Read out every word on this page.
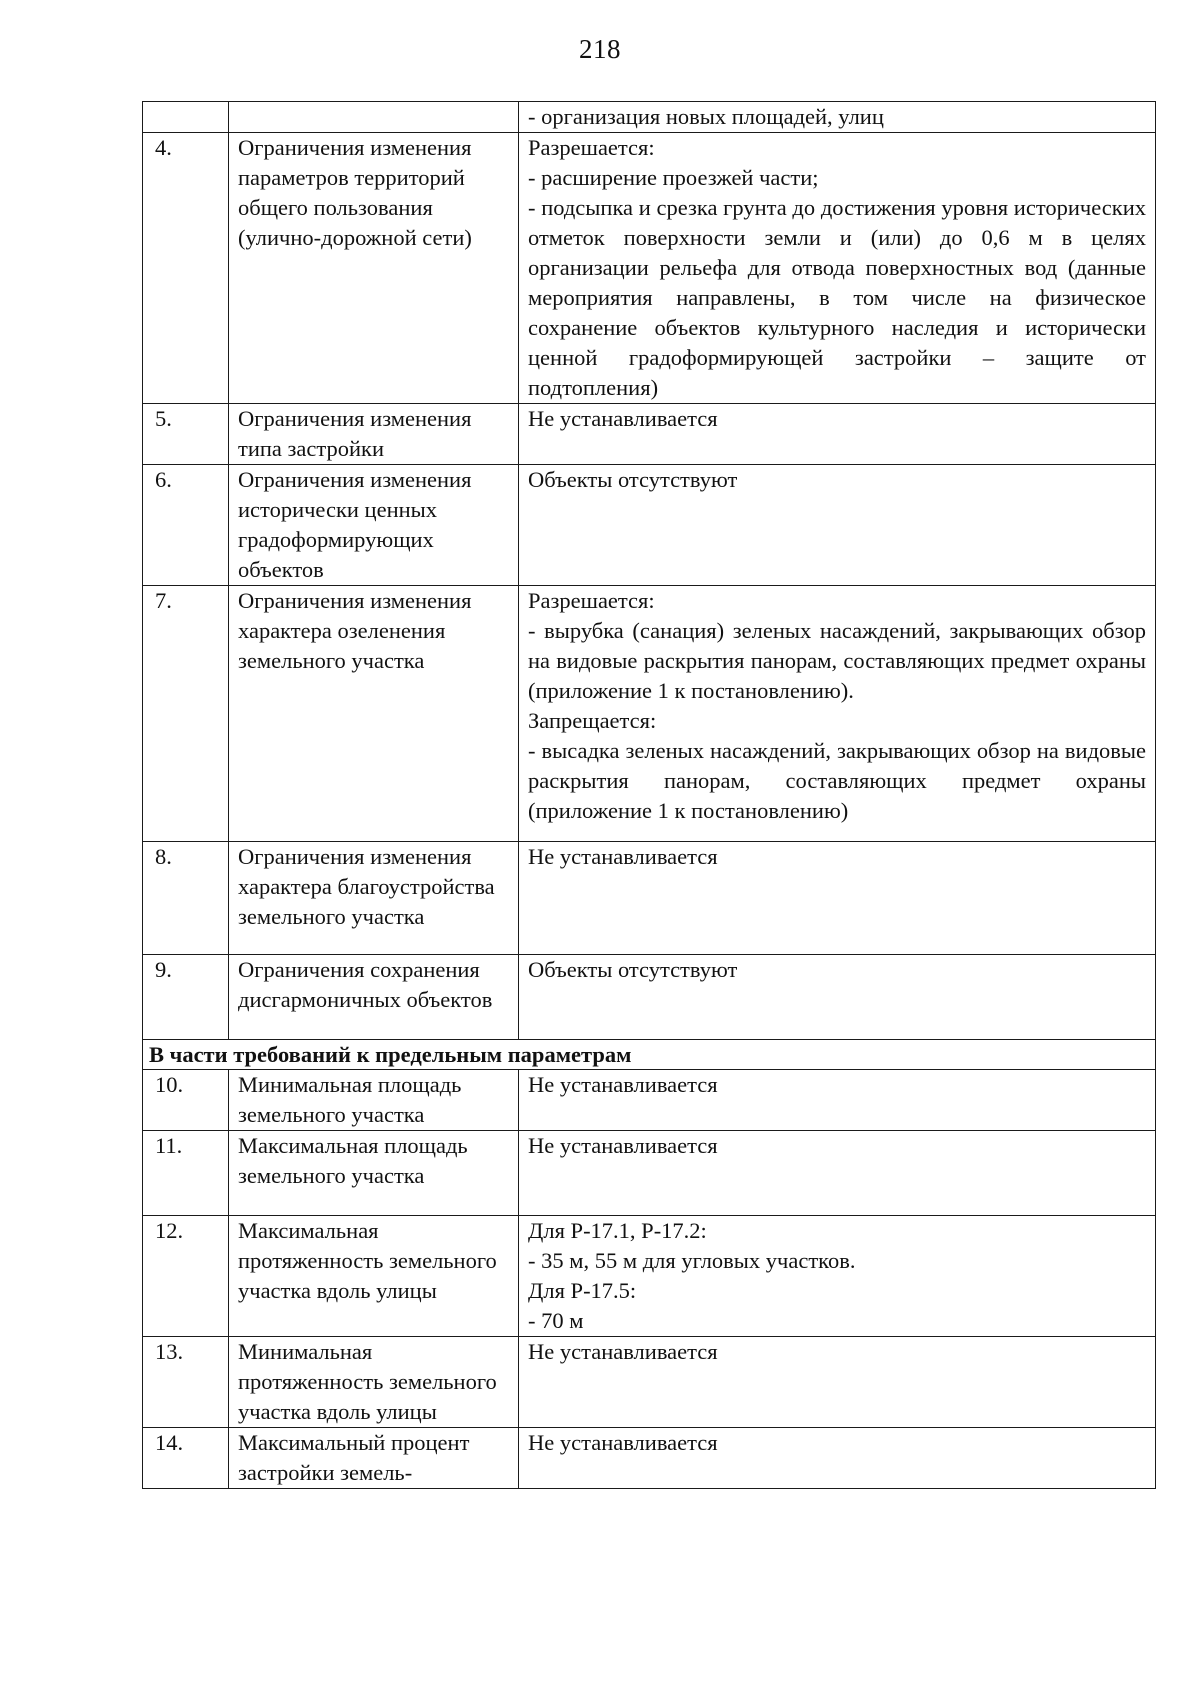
218
		- организация новых площадей, улиц
4.	Ограничения изменения параметров территорий общего пользования (улично-дорожной сети)	Разрешается:
- расширение проезжей части;
- подсыпка и срезка грунта до достижения уровня исторических отметок поверхности земли и (или) до 0,6 м в целях организации рельефа для отвода поверхностных вод (данные мероприятия направлены, в том числе на физическое сохранение объектов культурного наследия и исторически ценной градоформирующей застройки – защите от подтопления)
5.	Ограничения изменения типа застройки	Не устанавливается
6.	Ограничения изменения исторически ценных градоформирующих объектов	Объекты отсутствуют
7.	Ограничения изменения характера озеленения земельного участка	Разрешается:
- вырубка (санация) зеленых насаждений, закрывающих обзор на видовые раскрытия панорам, составляющих предмет охраны (приложение 1 к постановлению).
Запрещается:
- высадка зеленых насаждений, закрывающих обзор на видовые раскрытия панорам, составляющих предмет охраны (приложение 1 к постановлению)
8.	Ограничения изменения характера благоустройства земельного участка	Не устанавливается
9.	Ограничения сохранения дисгармоничных объектов	Объекты отсутствуют
В части требований к предельным параметрам		
10.	Минимальная площадь земельного участка	Не устанавливается
11.	Максимальная площадь земельного участка	Не устанавливается
12.	Максимальная протяженность земельного участка вдоль улицы	Для Р-17.1, Р-17.2:
- 35 м, 55 м для угловых участков.
Для Р-17.5:
- 70 м
13.	Минимальная протяженность земельного участка вдоль улицы	Не устанавливается
14.	Максимальный процент застройки земель-	Не устанавливается
